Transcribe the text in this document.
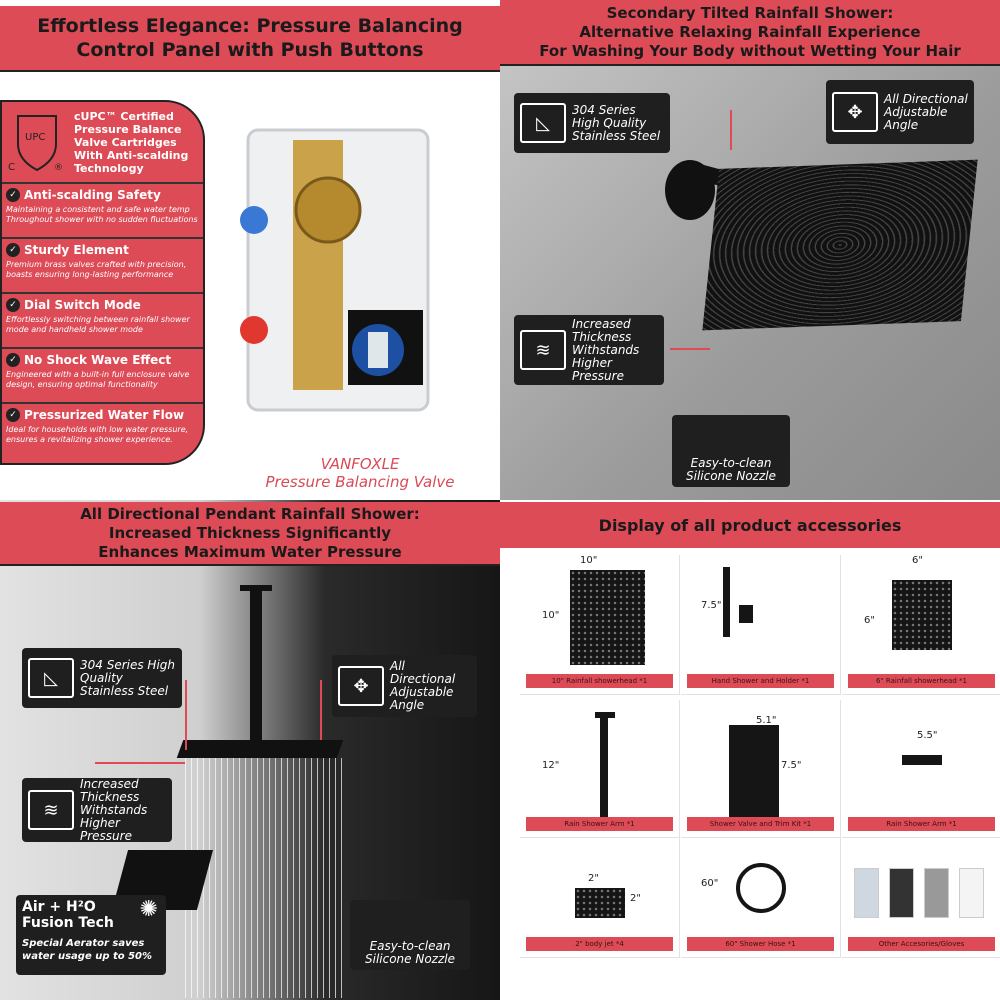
Effortless Elegance: Pressure Balancing
Control Panel with Push Buttons
UPC
C	®
cUPC™ Certified
Pressure Balance
Valve Cartridges
With Anti-scalding
Technology
✓ Anti-scalding Safety
Maintaining a consistent and safe water temp Throughout shower with no sudden fluctuations
✓ Sturdy Element
Premium brass valves crafted with precision, boasts ensuring long-lasting performance
✓ Dial Switch Mode
Effortlessly switching between rainfall shower mode and handheld shower mode
✓ No Shock Wave Effect
Engineered with a built-in full enclosure valve design, ensuring optimal functionality
✓ Pressurized Water Flow
Ideal for households with low water pressure, ensures a revitalizing shower experience.
VANFOXLE
Pressure Balancing Valve
Secondary Tilted Rainfall Shower:
Alternative Relaxing Rainfall Experience
For Washing Your Body without Wetting Your Hair
◺
304 Series High Quality Stainless Steel
✥
All Directional Adjustable Angle
≋
Increased Thickness Withstands Higher Pressure
Easy-to-clean Silicone Nozzle
All Directional Pendant Rainfall Shower:
Increased Thickness Significantly
Enhances Maximum Water Pressure
◺
304 Series High Quality Stainless Steel	✥
All Directional Adjustable Angle
≋
Increased Thickness Withstands Higher Pressure
Easy-to-clean Silicone Nozzle
Air + H²O Fusion Tech
Special Aerator saves water usage up to 50%
✺
Display of all product accessories
10"
10"
10" Rainfall showerhead *1
7.5"
Hand Shower and Holder *1
6"
6"
6" Rainfall showerhead *1
12"
Rain Shower Arm *1
5.1"
7.5"
Shower Valve and Trim Kit *1
5.5"
Rain Shower Arm *1
2"
2"
2" body jet *4
60"
60" Shower Hose *1	Other Accesories/Gloves
